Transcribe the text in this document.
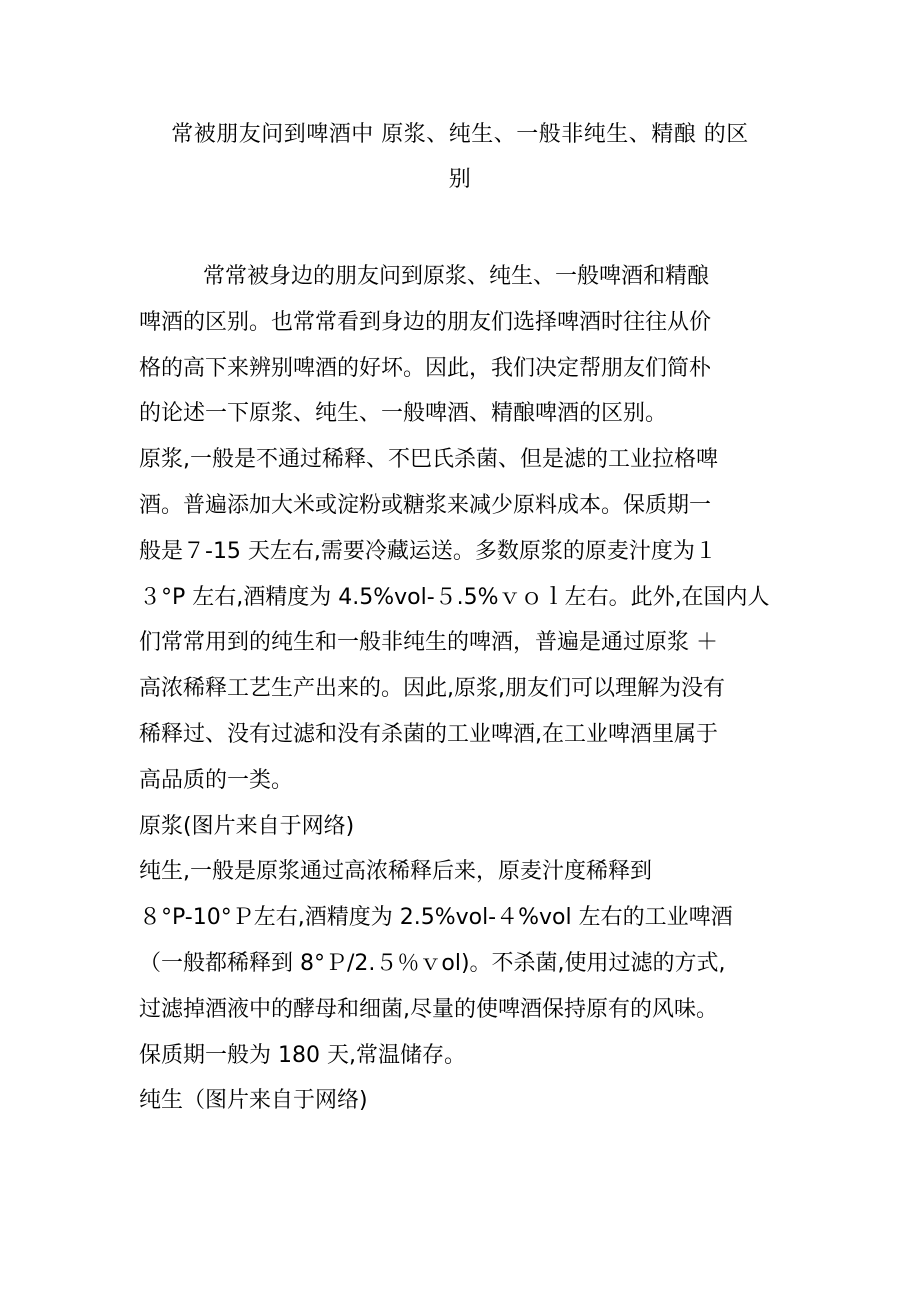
常被朋友问到啤酒中 原浆、纯生、一般非纯生、精酿 的区
别
常常被身边的朋友问到原浆、纯生、一般啤酒和精酿
啤酒的区别。也常常看到身边的朋友们选择啤酒时往往从价
格的高下来辨别啤酒的好坏。因此，我们决定帮朋友们简朴
的论述一下原浆、纯生、一般啤酒、精酿啤酒的区别。
原浆,一般是不通过稀释、不巴氏杀菌、但是滤的工业拉格啤
酒。普遍添加大米或淀粉或糖浆来减少原料成本。保质期一
般是７-15 天左右,需要冷藏运送。多数原浆的原麦汁度为１
３°P 左右,酒精度为 4.5%vol-５.5%ｖｏｌ左右。此外,在国内人
们常常用到的纯生和一般非纯生的啤酒，普遍是通过原浆 ＋
高浓稀释工艺生产出来的。因此,原浆,朋友们可以理解为没有
稀释过、没有过滤和没有杀菌的工业啤酒,在工业啤酒里属于
高品质的一类。
原浆(图片来自于网络)
纯生,一般是原浆通过高浓稀释后来，原麦汁度稀释到
８°P-10°Ｐ左右,酒精度为 2.5%vol-４%vol 左右的工业啤酒
（一般都稀释到 8°Ｐ/2.５％ｖol)。不杀菌,使用过滤的方式,
过滤掉酒液中的酵母和细菌,尽量的使啤酒保持原有的风味。
保质期一般为 180 天,常温储存。
纯生（图片来自于网络)
